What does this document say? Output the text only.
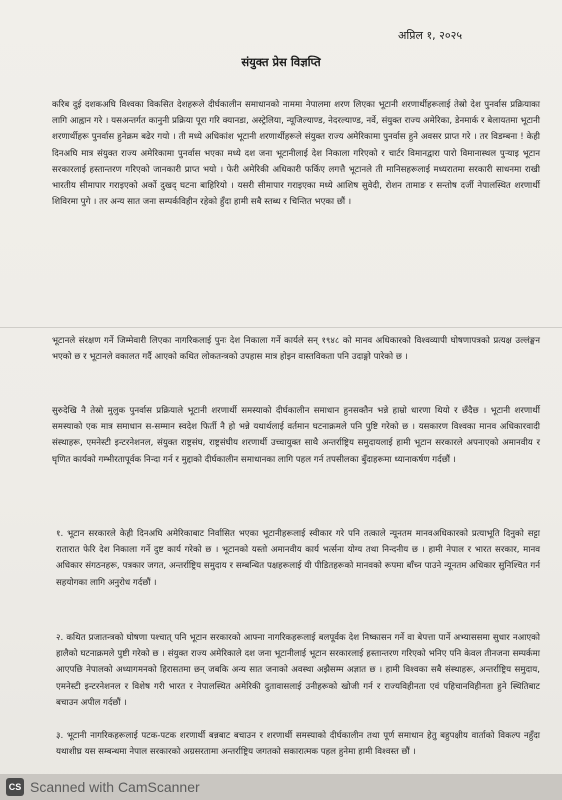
अप्रिल १, २०२५
संयुक्त प्रेस विज्ञप्ति

करिब दुई दशकअघि विश्वका विकसित देशहरूले दीर्घकालीन समाधानको नाममा नेपालमा शरण लिएका भूटानी शरणार्थीहरूलाई तेस्रो देश पुनर्वास प्रक्रियाका लागि आह्वान गरे । यसअन्तर्गत कानुनी प्रक्रिया पूरा गरि क्यानडा, अस्ट्रेलिया, न्यूजिल्याण्ड, नेदरल्याण्ड, नर्वे, संयुक्त राज्य अमेरिका, डेनमार्क र बेलायतमा भूटानी शरणार्थीहरू पुनर्वास हुनेक्रम बढेर गयो । ती मध्ये अधिकांश भूटानी शरणार्थीहरूले संयुक्त राज्य अमेरिकामा पुनर्वास हुने अवसर प्राप्त गरे । तर विडम्बना ! केही दिनअघि मात्र संयुक्त राज्य अमेरिकामा पुनर्वास भएका मध्ये दश जना भूटानीलाई देश निकाला गरिएको र चार्टर विमानद्वारा पारो विमानास्थल पुऱ्याइ भूटान सरकारलाई हस्तान्तरण गरिएको जानकारी प्राप्त भयो । फेरी अमेरिकी अधिकारी फर्किए लगत्तै भूटानले ती मानिसहरूलाई मध्यरातमा सरकारी साधनमा राखी भारतीय सीमापार गराइएको अर्को दुखद् घटना बाहिरियो । यसरी सीमापार गराइएका मध्ये आशिष सुवेदी, रोशन तामाङ र सन्तोष दर्जी नेपालस्थित शरणार्थी शिविरमा पुगे । तर अन्य सात जना सम्पर्कविहीन रहेको हुँदा हामी सबै स्तब्ध र चिन्तित भएका छौं ।

भूटानले संरक्षण गर्ने जिम्मेवारी लिएका नागरिकलाई पुनः देश निकाला गर्ने कार्यले सन् १९४८ को मानव अधिकारको विश्वव्यापी घोषणापत्रको प्रत्यक्ष उल्लंङ्घन भएको छ र भूटानले वकालत गर्दै आएको कथित लोकतन्त्रको उपहास मात्र होइन वास्तविकता पनि उदाङ्गो पारेको छ ।

सुरुदेखि नै तेस्रो मुलुक पुनर्वास प्रक्रियाले भूटानी शरणार्थी समस्याको दीर्घकालीन समाधान हुनसक्तैन भन्ने हाम्रो धारणा थियो र छँदैछ । भूटानी शरणार्थी समस्याको एक मात्र समाधान स-सम्मान स्वदेश फिर्ती नै हो भन्ने यथार्थलाई वर्तमान घटनाक्रमले पनि पुष्टि गरेको छ । यसकारण विश्वका मानव अधिकारवादी संस्थाहरू, एमनेस्टी इन्टरनेशनल, संयुक्त राष्ट्रसंघ, राष्ट्रसंघीय शरणार्थी उच्चायुक्त साथै अन्तर्राष्ट्रिय समुदायलाई हामी भूटान सरकारले अपनाएको अमानवीय र घृणित कार्यको गम्भीरतापूर्वक निन्दा गर्न र मुद्दाको दीर्घकालीन समाधानका लागि पहल गर्न तपसीलका बुँदाहरूमा ध्यानाकर्षण गर्दछौं ।

१. भूटान सरकारले केही दिनअघि अमेरिकाबाट निर्वासित भएका भूटानीहरूलाई स्वीकार गरे पनि तत्काले न्यूनतम मानवअधिकारको प्रत्याभूति दिनुको सट्टा रातारात फेरि देश निकाला गर्ने दुष्ट कार्य गरेको छ । भूटानको यस्तो अमानवीय कार्य भर्त्सना योग्य तथा निन्दनीय छ । हामी नेपाल र भारत सरकार, मानव अधिकार संगठनहरू, पत्रकार जगत, अन्तर्राष्ट्रिय समुदाय र सम्बन्धित पक्षहरूलाई यी पीडितहरूको मानवको रूपमा बाँच्न पाउने न्यूनतम अधिकार सुनिश्चित गर्न सहयोगका लागि अनुरोध गर्दछौं ।

२. कथित प्रजातन्त्रको घोषणा पश्चात् पनि भूटान सरकारको आफ्ना नागरिकहरूलाई बलपूर्वक देश निष्कासन गर्ने वा बेपत्ता पार्ने अभ्याससमा सुधार नआएको हालैको घटनाक्रमले पुष्टी गरेको छ । संयुक्त राज्य अमेरिकाले दश जना भूटानीलाई भूटान सरकारलाई हस्तान्तरण गरिएको भनिए पनि केवल तीनजना सम्पर्कमा आएपछि नेपालको अध्यागमनको हिरासतमा छन् जबकि अन्य सात जनाको अवस्था अझैसम्म अज्ञात छ । हामी विश्वका सबै संस्थाहरू, अन्तर्राष्ट्रिय समुदाय, एमनेस्टी इन्टरनेशनल र विशेष गरी भारत र नेपालस्थित अमेरिकी दुतावासलाई उनीहरूको खोजी गर्न र राज्यविहीनता एवं पहिचानविहीनता हुने स्थितिबाट बचाउन अपील गर्दछौं ।

३. भूटानी नागरिकहरूलाई पटक-पटक शरणार्थी बन्नबाट बचाउन र शरणार्थी समस्याको दीर्घकालीन तथा पूर्ण समाधान हेतु बहुपक्षीय वार्ताको विकल्प नहुँदा यथाशीघ्र यस सम्बन्धमा नेपाल सरकारको अग्रसरतामा अन्तर्राष्ट्रिय जगतको सकारात्मक पहल हुनेमा हामी विश्वस्त छौं ।

CS Scanned with CamScanner
